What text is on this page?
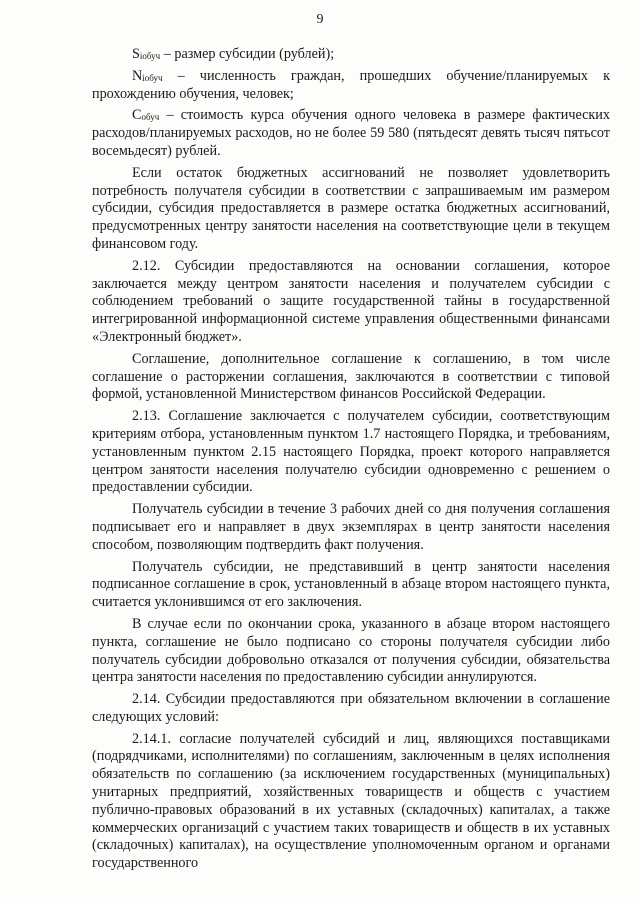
9

$S_{iобуч}$ – размер субсидии (рублей);

$N_{iобуч}$ – численность граждан, прошедших обучение/планируемых к прохождению обучения, человек;

$C_{обуч}$ – стоимость курса обучения одного человека в размере фактических расходов/планируемых расходов, но не более 59 580 (пятьдесят девять тысяч пятьсот восемьдесят) рублей.

Если остаток бюджетных ассигнований не позволяет удовлетворить потребность получателя субсидии в соответствии с запрашиваемым им размером субсидии, субсидия предоставляется в размере остатка бюджетных ассигнований, предусмотренных центру занятости населения на соответствующие цели в текущем финансовом году.

2.12. Субсидии предоставляются на основании соглашения, которое заключается между центром занятости населения и получателем субсидии с соблюдением требований о защите государственной тайны в государственной интегрированной информационной системе управления общественными финансами «Электронный бюджет».

Соглашение, дополнительное соглашение к соглашению, в том числе соглашение о расторжении соглашения, заключаются в соответствии с типовой формой, установленной Министерством финансов Российской Федерации.

2.13. Соглашение заключается с получателем субсидии, соответствующим критериям отбора, установленным пунктом 1.7 настоящего Порядка, и требованиям, установленным пунктом 2.15 настоящего Порядка, проект которого направляется центром занятости населения получателю субсидии одновременно с решением о предоставлении субсидии.

Получатель субсидии в течение 3 рабочих дней со дня получения соглашения подписывает его и направляет в двух экземплярах в центр занятости населения способом, позволяющим подтвердить факт получения.

Получатель субсидии, не представивший в центр занятости населения подписанное соглашение в срок, установленный в абзаце втором настоящего пункта, считается уклонившимся от его заключения.

В случае если по окончании срока, указанного в абзаце втором настоящего пункта, соглашение не было подписано со стороны получателя субсидии либо получатель субсидии добровольно отказался от получения субсидии, обязательства центра занятости населения по предоставлению субсидии аннулируются.

2.14. Субсидии предоставляются при обязательном включении в соглашение следующих условий:

2.14.1. согласие получателей субсидий и лиц, являющихся поставщиками (подрядчиками, исполнителями) по соглашениям, заключенным в целях исполнения обязательств по соглашению (за исключением государственных (муниципальных) унитарных предприятий, хозяйственных товариществ и обществ с участием публично-правовых образований в их уставных (складочных) капиталах, а также коммерческих организаций с участием таких товариществ и обществ в их уставных (складочных) капиталах), на осуществление уполномоченным органом и органами государственного
